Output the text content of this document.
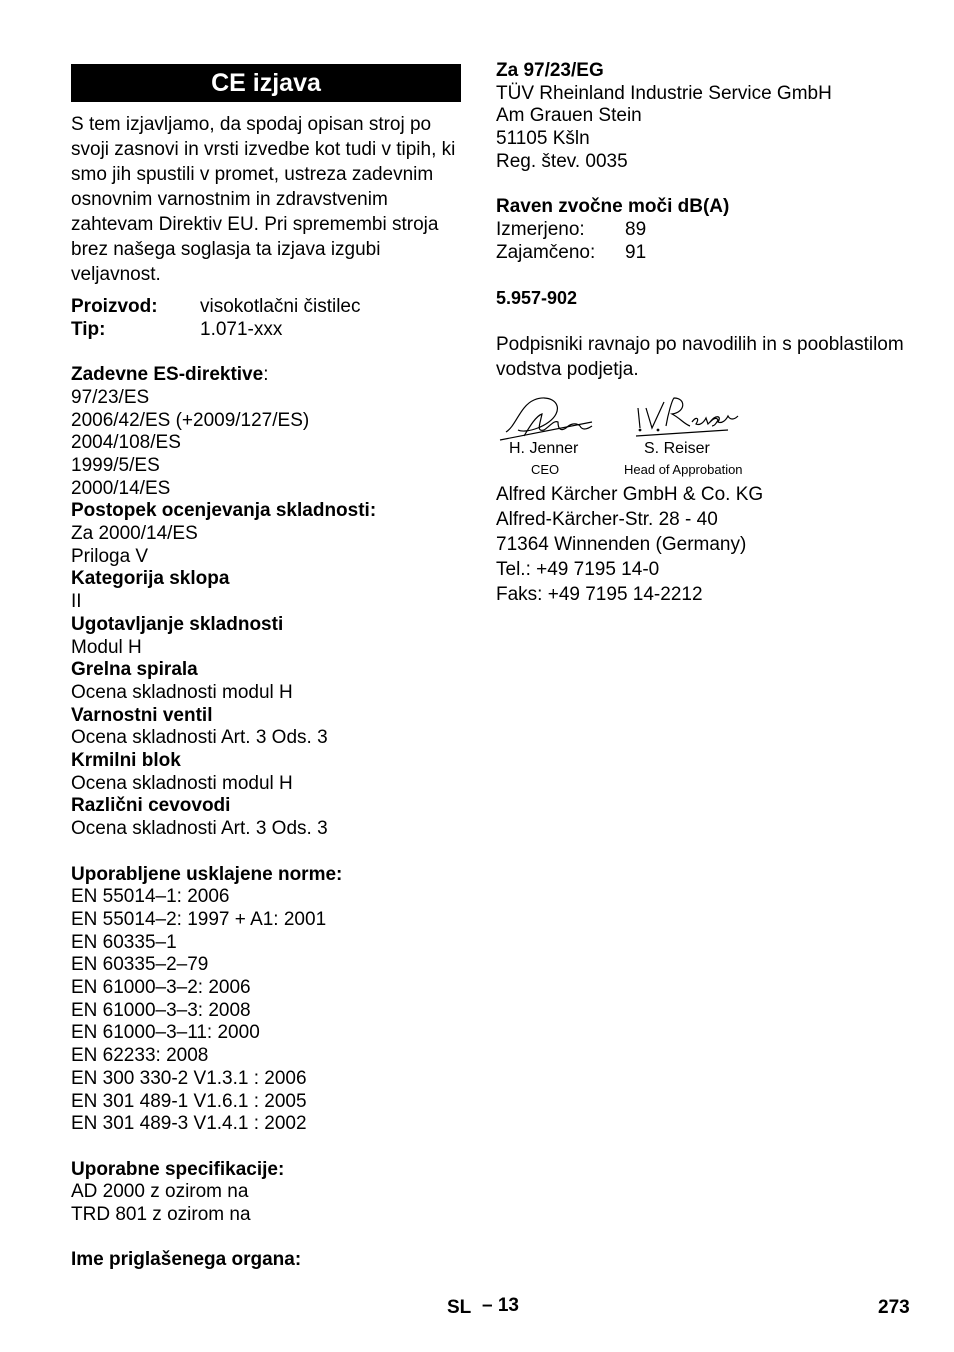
CE izjava
S tem izjavljamo, da spodaj opisan stroj po svoji zasnovi in vrsti izvedbe kot tudi v tipih, ki smo jih spustili v promet, ustreza zadevnim osnovnim varnostnim in zdravstvenim zahtevam Direktiv EU. Pri spremembi stroja brez našega soglasja ta izjava izgubi veljavnost.
Proizvod:	visokotlačni čistilec
Tip:	1.071-xxx
Zadevne ES-direktive:
97/23/ES
2006/42/ES (+2009/127/ES)
2004/108/ES
1999/5/ES
2000/14/ES
Postopek ocenjevanja skladnosti:
Za 2000/14/ES
Priloga V
Kategorija sklopa
II
Ugotavljanje skladnosti
Modul H
Grelna spirala
Ocena skladnosti modul H
Varnostni ventil
Ocena skladnosti Art. 3 Ods. 3
Krmilni blok
Ocena skladnosti modul H
Različni cevovodi
Ocena skladnosti Art. 3 Ods. 3
Uporabljene usklajene norme:
EN 55014–1: 2006
EN 55014–2: 1997 + A1: 2001
EN 60335–1
EN 60335–2–79
EN 61000–3–2: 2006
EN 61000–3–3: 2008
EN 61000–3–11: 2000
EN 62233: 2008
EN 300 330-2 V1.3.1 : 2006
EN 301 489-1 V1.6.1 : 2005
EN 301 489-3 V1.4.1 : 2002
Uporabne specifikacije:
AD 2000 z ozirom na
TRD 801 z ozirom na
Ime priglašenega organa:
Za 97/23/EG
TÜV Rheinland Industrie Service GmbH
Am Grauen Stein
51105 Kšln
Reg. štev. 0035
Raven zvočne moči dB(A)
Izmerjeno:	89
Zajamčeno:	91
5.957-902
Podpisniki ravnajo po navodilih in s pooblastilom vodstva podjetja.
H. Jenner
CEO
S. Reiser
Head of Approbation
Alfred Kärcher GmbH & Co. KG
Alfred-Kärcher-Str. 28 - 40
71364 Winnenden (Germany)
Tel.: +49 7195 14-0
Faks: +49 7195 14-2212
SL – 13	273
